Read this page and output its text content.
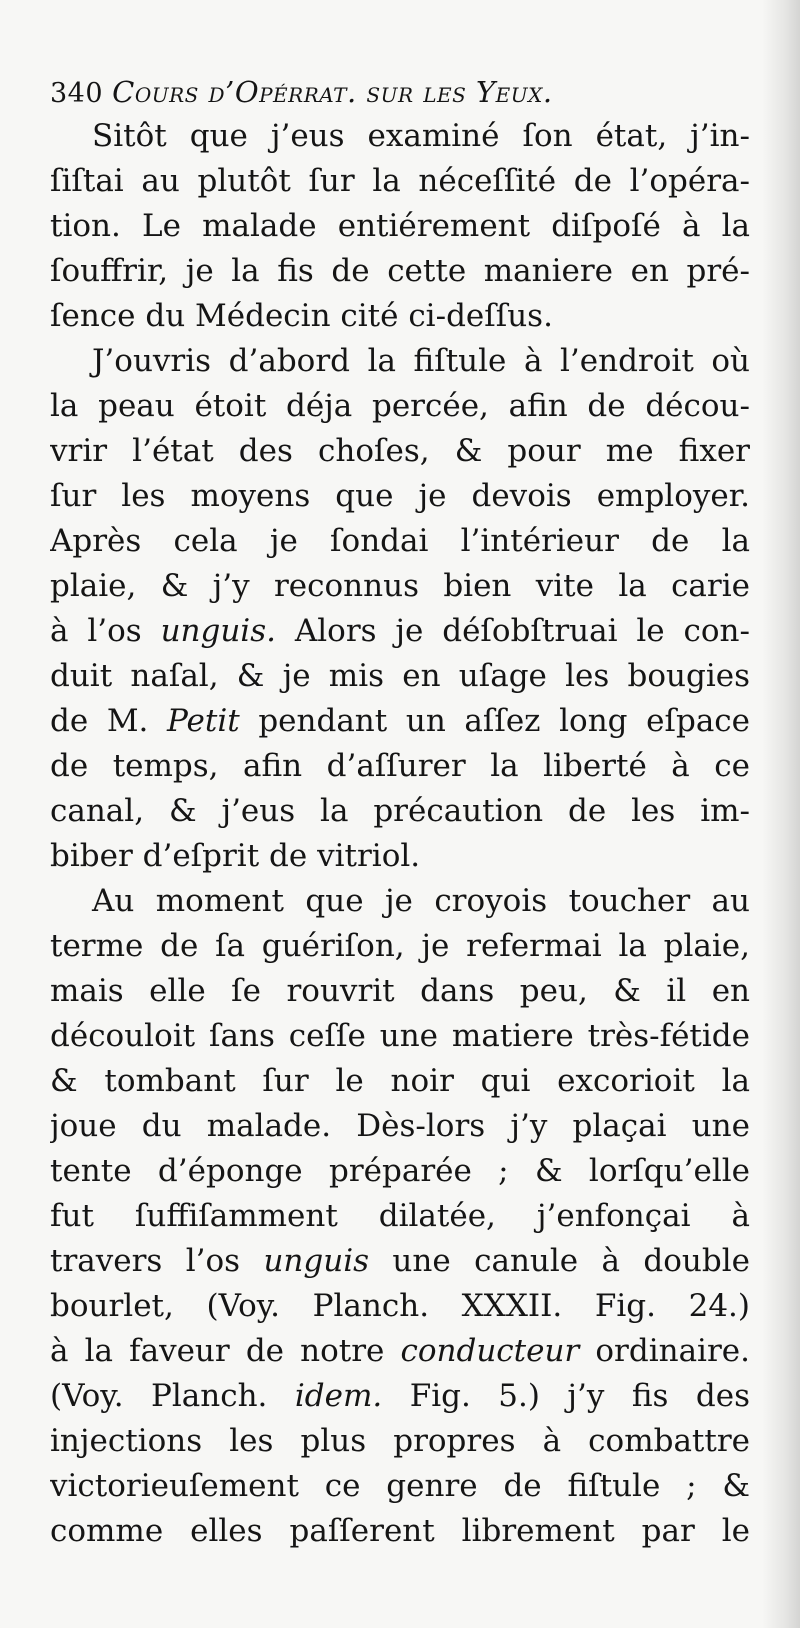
340 Cours d’Opérrat. sur les Yeux.
Sitôt que j’eus examiné ſon état, j’in-
ſiſtai au plutôt ſur la néceſſité de l’opéra-
tion. Le malade entiérement diſpoſé à la
ſouffrir, je la fis de cette maniere en pré-
ſence du Médecin cité ci-deſſus.
J’ouvris d’abord la fiſtule à l’endroit où
la peau étoit déja percée, afin de décou-
vrir l’état des choſes, & pour me fixer
ſur les moyens que je devois employer.
Après cela je ſondai l’intérieur de la
plaie, & j’y reconnus bien vite la carie
à l’os unguis. Alors je déſobſtruai le con-
duit naſal, & je mis en uſage les bougies
de M. Petit pendant un aſſez long eſpace
de temps, afin d’aſſurer la liberté à ce
canal, & j’eus la précaution de les im-
biber d’eſprit de vitriol.
Au moment que je croyois toucher au
terme de ſa guériſon, je refermai la plaie,
mais elle ſe rouvrit dans peu, & il en
découloit ſans ceſſe une matiere très-fétide
& tombant ſur le noir qui excorioit la
joue du malade. Dès-lors j’y plaçai une
tente d’éponge préparée ; & lorſqu’elle
fut ſuffiſamment dilatée, j’enfonçai à
travers l’os unguis une canule à double
bourlet, (Voy. Planch. XXXII. Fig. 24.)
à la faveur de notre conducteur ordinaire.
(Voy. Planch. idem. Fig. 5.) j’y fis des
injections les plus propres à combattre
victorieuſement ce genre de fiſtule ; &
comme elles paſſerent librement par le
